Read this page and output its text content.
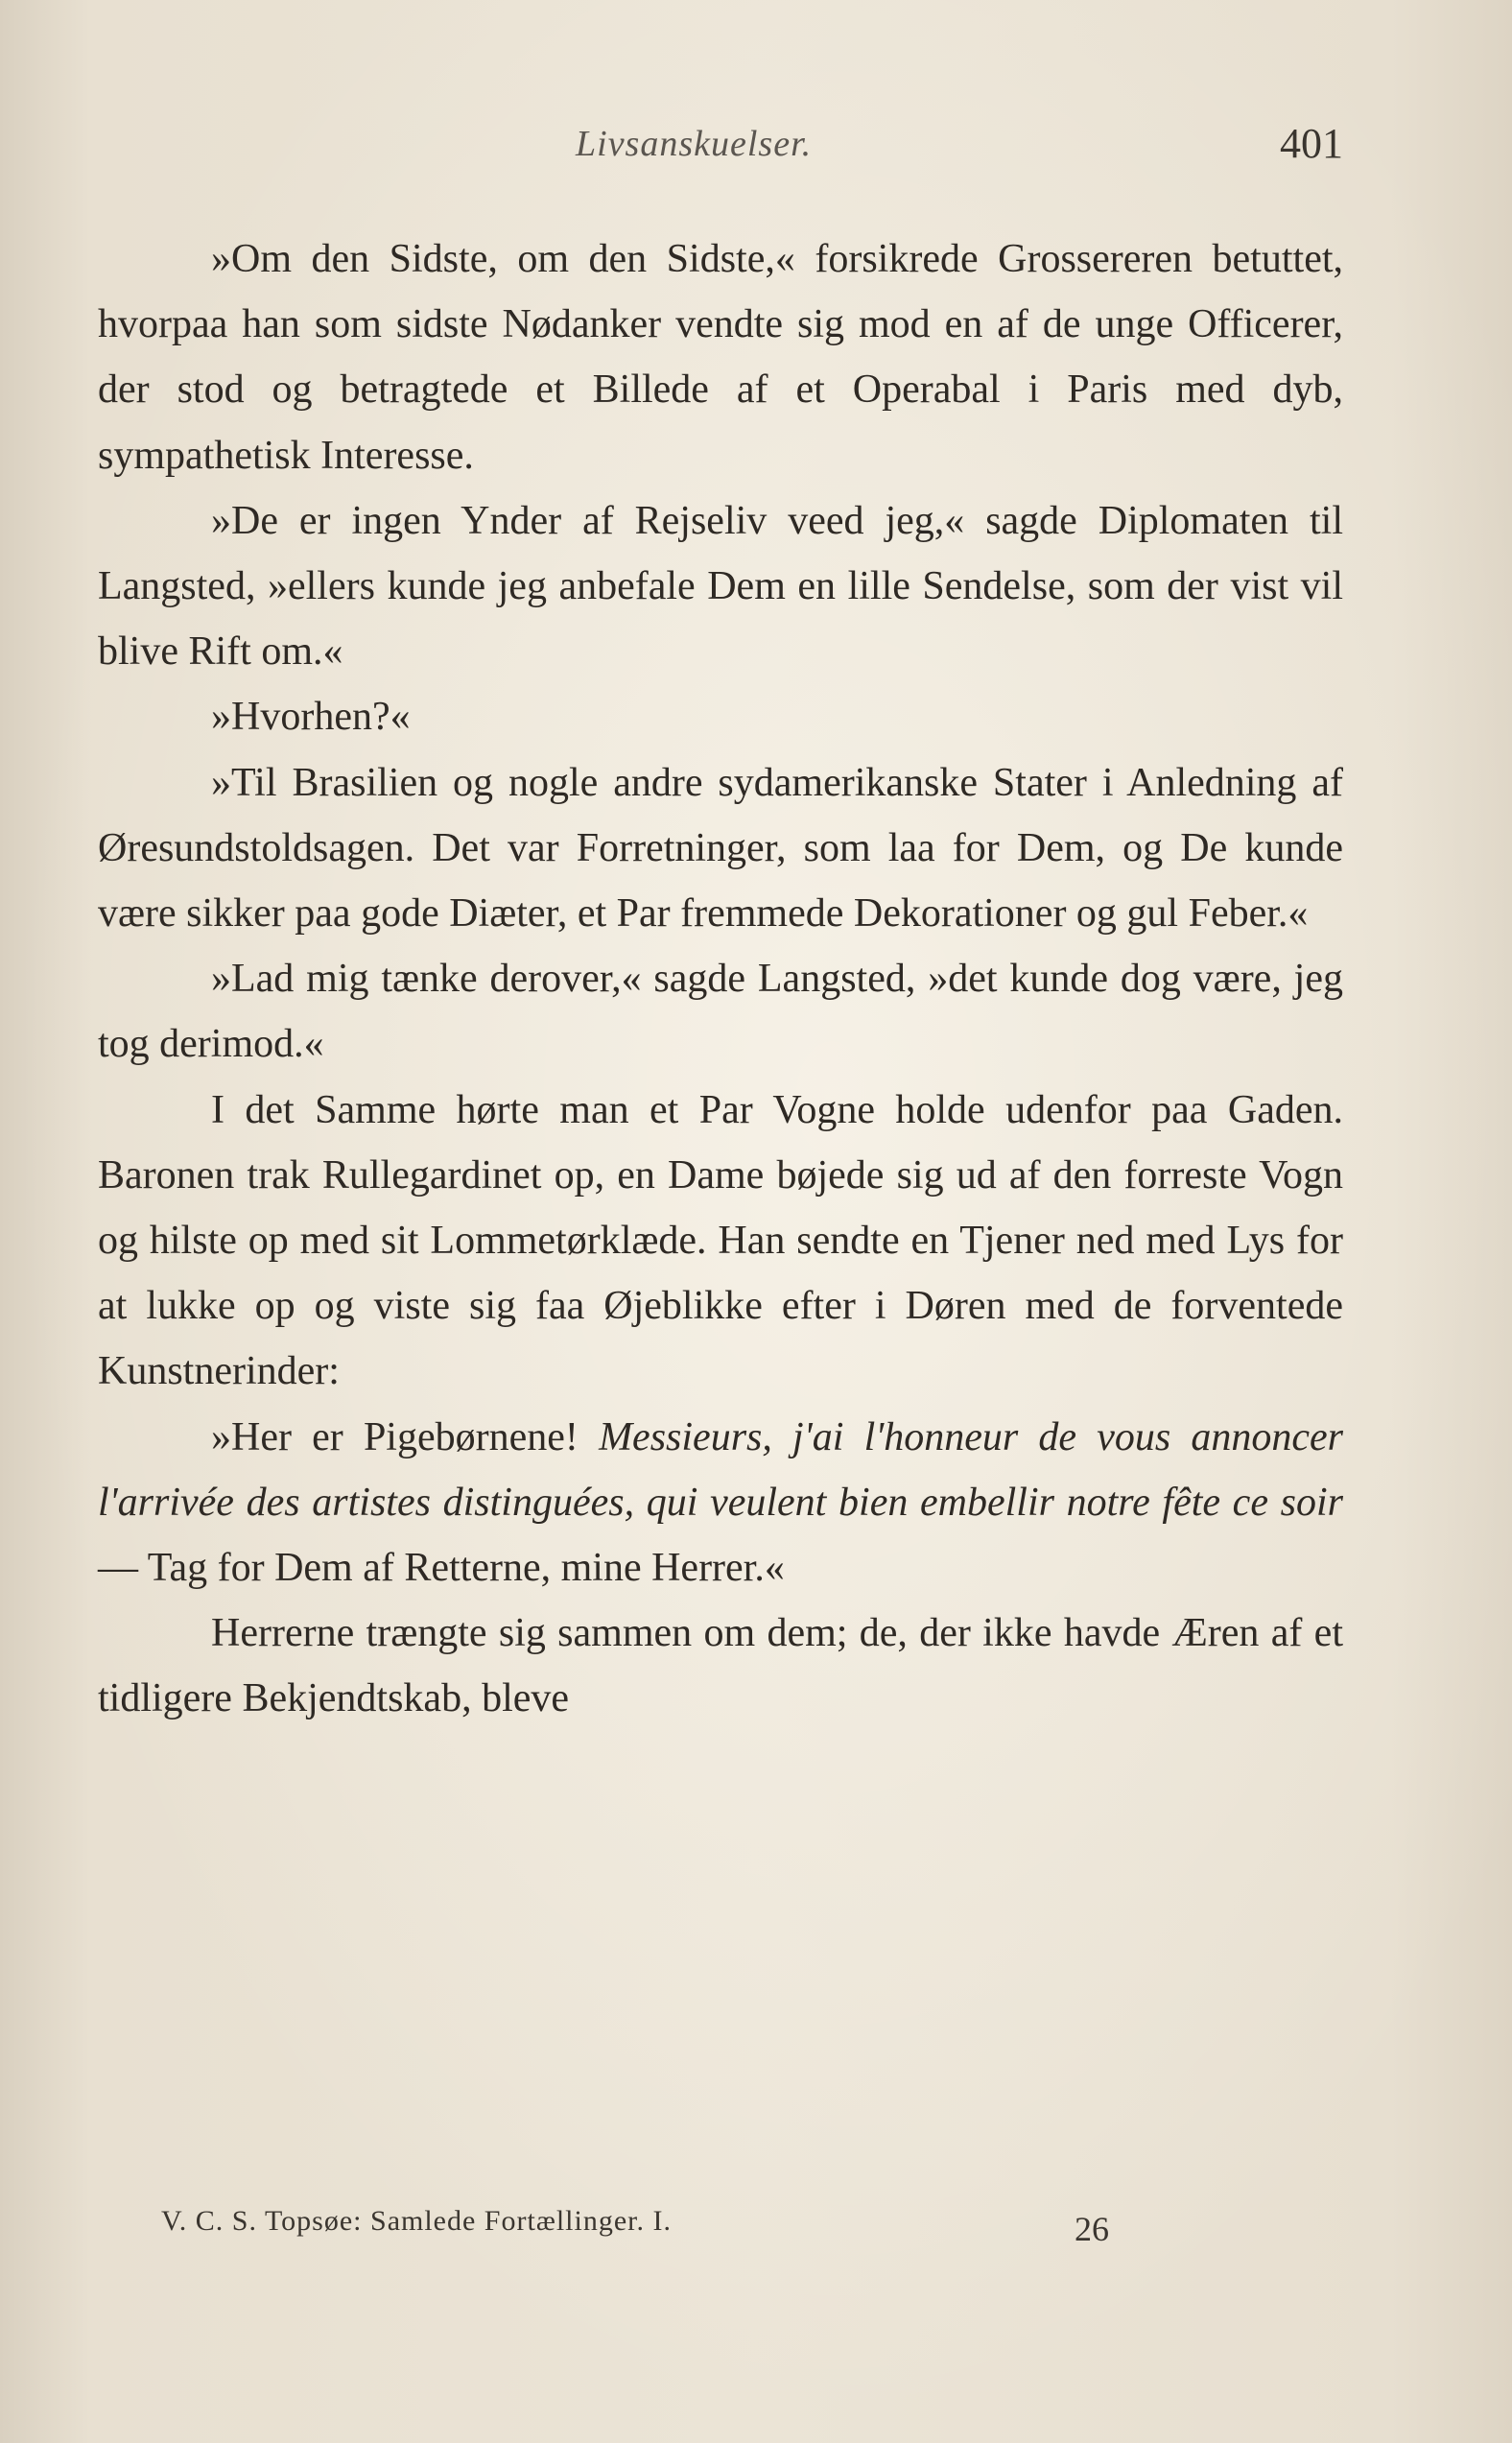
Livsanskuelser.	401

»Om den Sidste, om den Sidste,« forsikrede Grossereren betuttet, hvorpaa han som sidste Nødanker vendte sig mod en af de unge Officerer, der stod og betragtede et Billede af et Operabal i Paris med dyb, sympathetisk Interesse.

»De er ingen Ynder af Rejseliv veed jeg,« sagde Diplomaten til Langsted, »ellers kunde jeg anbefale Dem en lille Sendelse, som der vist vil blive Rift om.«

»Hvorhen?«

»Til Brasilien og nogle andre sydamerikanske Stater i Anledning af Øresundstoldsagen. Det var Forretninger, som laa for Dem, og De kunde være sikker paa gode Diæter, et Par fremmede Dekorationer og gul Feber.«

»Lad mig tænke derover,« sagde Langsted, »det kunde dog være, jeg tog derimod.«

I det Samme hørte man et Par Vogne holde udenfor paa Gaden. Baronen trak Rullegardinet op, en Dame bøjede sig ud af den forreste Vogn og hilste op med sit Lommetørklæde. Han sendte en Tjener ned med Lys for at lukke op og viste sig faa Øjeblikke efter i Døren med de forventede Kunstnerinder:

»Her er Pigebørnene! Messieurs, j'ai l'honneur de vous annoncer l'arrivée des artistes distinguées, qui veulent bien embellir notre fête ce soir — Tag for Dem af Retterne, mine Herrer.«

Herrerne trængte sig sammen om dem; de, der ikke havde Æren af et tidligere Bekjendtskab, bleve

V. C. S. Topsøe: Samlede Fortællinger. I.	26
